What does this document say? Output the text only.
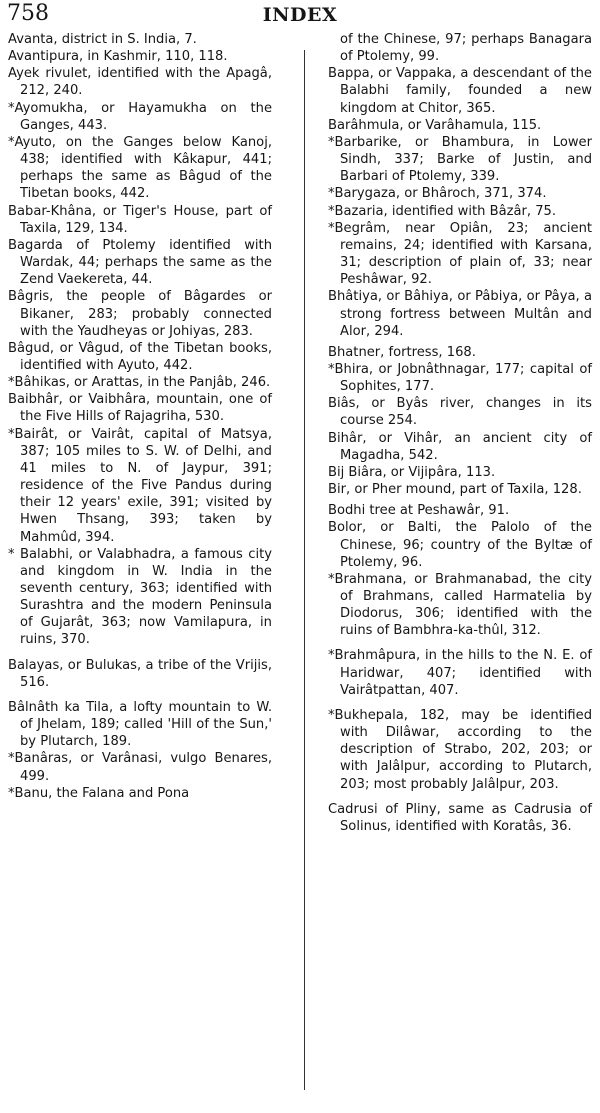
758	INDEX

Avanta, district in S. India, 7.

Avantipura, in Kashmir, 110, 118.

Ayek rivulet, identified with the Apagâ, 212, 240.

*Ayomukha, or Hayamukha on the Ganges, 443.

*Ayuto, on the Ganges below Kanoj, 438; identified with Kâkapur, 441; perhaps the same as Bâgud of the Tibetan books, 442.

Babar-Khâna, or Tiger's House, part of Taxila, 129, 134.

Bagarda of Ptolemy identified with Wardak, 44; perhaps the same as the Zend Vaekereta, 44.

Bâgris, the people of Bâgardes or Bikaner, 283; probably connected with the Yaudheyas or Johiyas, 283.

Bâgud, or Vâgud, of the Tibetan books, identified with Ayuto, 442.

*Bâhikas, or Arattas, in the Panjâb, 246.

Baibhâr, or Vaibhâra, mountain, one of the Five Hills of Rajagriha, 530.

*Bairât, or Vairât, capital of Matsya, 387; 105 miles to S. W. of Delhi, and 41 miles to N. of Jaypur, 391; residence of the Five Pandus during their 12 years' exile, 391; visited by Hwen Thsang, 393; taken by Mahmûd, 394.

* Balabhi, or Valabhadra, a famous city and kingdom in W. India in the seventh century, 363; identified with Surashtra and the modern Peninsula of Gujarât, 363; now Vamilapura, in ruins, 370.

Balayas, or Bulukas, a tribe of the Vrijis, 516.

Bâlnâth ka Tila, a lofty mountain to W. of Jhelam, 189; called 'Hill of the Sun,' by Plutarch, 189.

*Banâras, or Varânasi, vulgo Benares, 499.

*Banu, the Falana and Pona

of the Chinese, 97; perhaps Banagara of Ptolemy, 99.

Bappa, or Vappaka, a descendant of the Balabhi family, founded a new kingdom at Chitor, 365.

Barâhmula, or Varâhamula, 115.

*Barbarike, or Bhambura, in Lower Sindh, 337; Barke of Justin, and Barbari of Ptolemy, 339.

*Barygaza, or Bhâroch, 371, 374.

*Bazaria, identified with Bâzâr, 75.

*Begrâm, near Opiân, 23; ancient remains, 24; identified with Karsana, 31; description of plain of, 33; near Peshâwar, 92.

Bhâtiya, or Bâhiya, or Pâbiya, or Pâya, a strong fortress between Multân and Alor, 294.

Bhatner, fortress, 168.

*Bhira, or Jobnâthnagar, 177; capital of Sophites, 177.

Biâs, or Byâs river, changes in its course 254.

Bihâr, or Vihâr, an ancient city of Magadha, 542.

Bij Biâra, or Vijipâra, 113.

Bir, or Pher mound, part of Taxila, 128.

Bodhi tree at Peshawâr, 91.

Bolor, or Balti, the Palolo of the Chinese, 96; country of the Byltæ of Ptolemy, 96.

*Brahmana, or Brahmanabad, the city of Brahmans, called Harmatelia by Diodorus, 306; identified with the ruins of Bambhra-ka-thûl, 312.

*Brahmâpura, in the hills to the N. E. of Haridwar, 407; identified with Vairâtpattan, 407.

*Bukhepala, 182, may be identified with Dilâwar, according to the description of Strabo, 202, 203; or with Jalâlpur, according to Plutarch, 203; most probably Jalâlpur, 203.

Cadrusi of Pliny, same as Cadrusia of Solinus, identified with Koratâs, 36.
